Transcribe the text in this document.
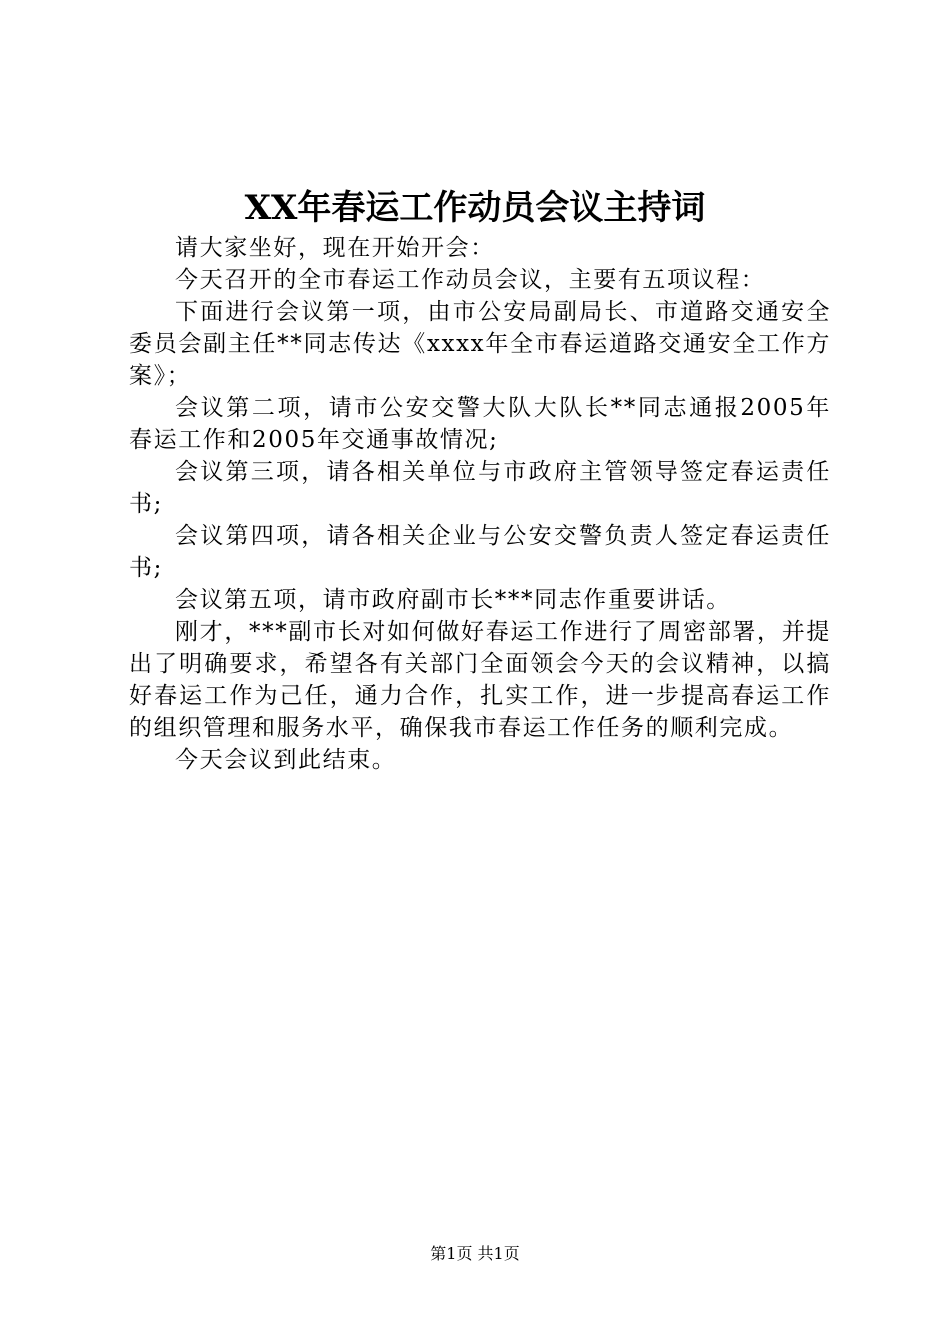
XX年春运工作动员会议主持词

请大家坐好，现在开始开会：

今天召开的全市春运工作动员会议，主要有五项议程：

下面进行会议第一项，由市公安局副局长、市道路交通安全委员会副主任**同志传达《xxxx年全市春运道路交通安全工作方案》；

会议第二项，请市公安交警大队大队长**同志通报2005年春运工作和2005年交通事故情况;

会议第三项，请各相关单位与市政府主管领导签定春运责任书;

会议第四项，请各相关企业与公安交警负责人签定春运责任书;

会议第五项，请市政府副市长***同志作重要讲话。

刚才，***副市长对如何做好春运工作进行了周密部署，并提出了明确要求，希望各有关部门全面领会今天的会议精神，以搞好春运工作为己任，通力合作，扎实工作，进一步提高春运工作的组织管理和服务水平，确保我市春运工作任务的顺利完成。

今天会议到此结束。

第1页 共1页
